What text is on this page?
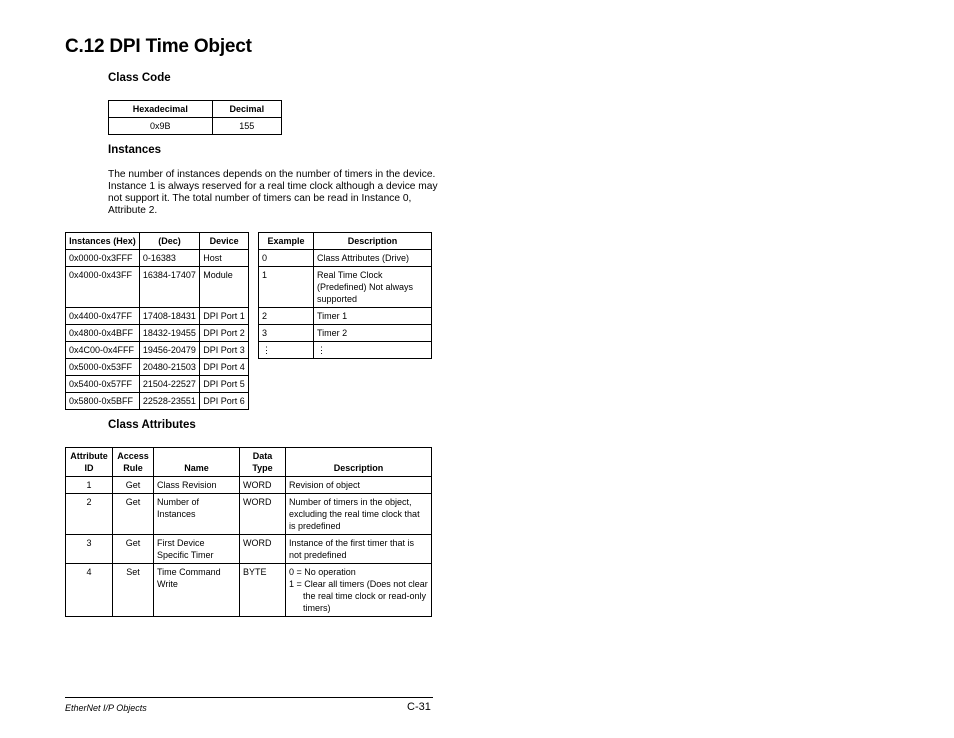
C.12 DPI Time Object
Class Code
Hexadecimal	Decimal
0x9B	155
Instances

The number of instances depends on the number of timers in the device. Instance 1 is always reserved for a real time clock although a device may not support it. The total number of timers can be read in Instance 0, Attribute 2.

Instances (Hex)	(Dec)	Device
0x0000-0x3FFF	0-16383	Host
0x4000-0x43FF	16384-17407	Module
0x4400-0x47FF	17408-18431	DPI Port 1
0x4800-0x4BFF	18432-19455	DPI Port 2
0x4C00-0x4FFF	19456-20479	DPI Port 3
0x5000-0x53FF	20480-21503	DPI Port 4
0x5400-0x57FF	21504-22527	DPI Port 5
0x5800-0x5BFF	22528-23551	DPI Port 6
Example	Description
0	Class Attributes (Drive)
1	Real Time Clock (Predefined) Not always supported
2	Timer 1
3	Timer 2
⋮	⋮
Class Attributes
Attribute ID	Access Rule	Name	Data Type	Description
1	Get	Class Revision	WORD	Revision of object
2	Get	Number of Instances	WORD	Number of timers in the object, excluding the real time clock that is predefined
3	Get	First Device Specific Timer	WORD	Instance of the first timer that is not predefined
4	Set	Time Command Write	BYTE	0 = No operation
1 = Clear all timers (Does not clear the real time clock or read-only timers)
EtherNet I/P Objects	C-31
